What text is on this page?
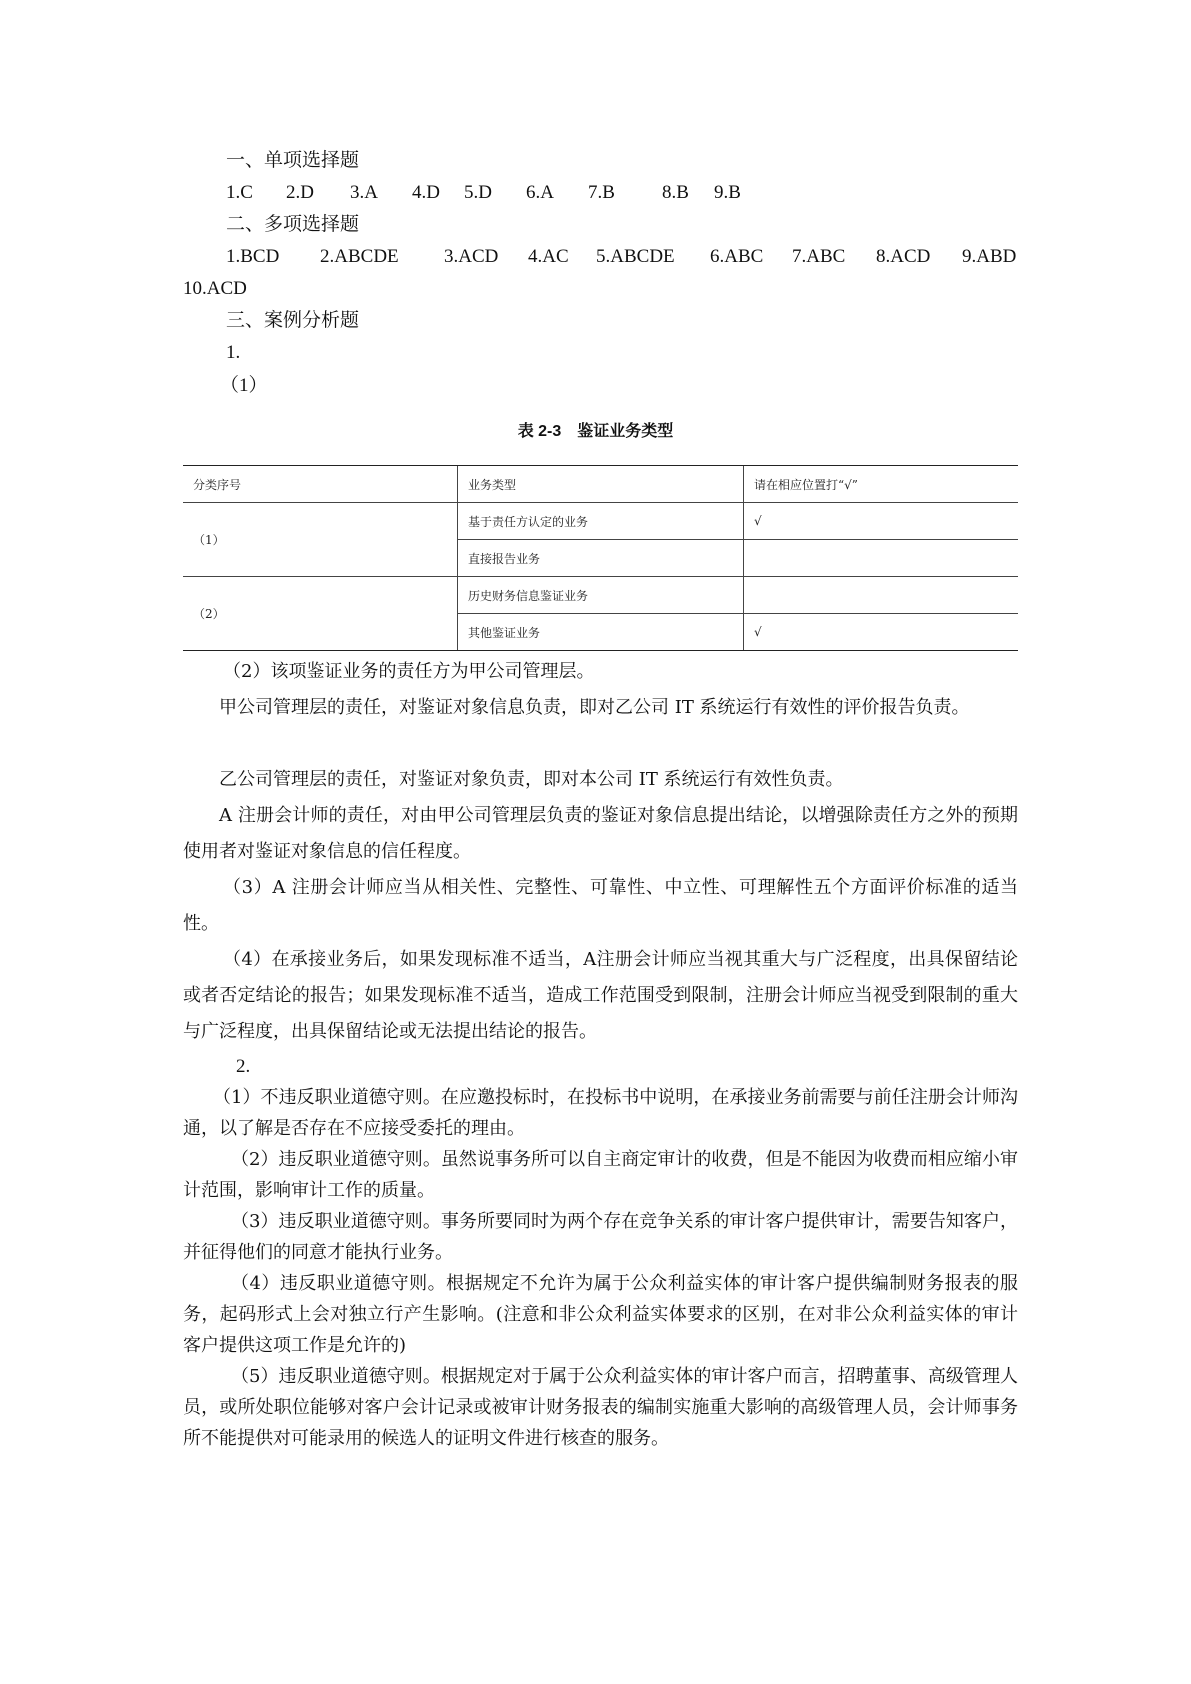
一、单项选择题
1.C 2.D 3.A 4.D 5.D 6.A 7.B 8.B 9.B
二、多项选择题
1.BCD 2.ABCDE 3.ACD 4.AC 5.ABCDE 6.ABC 7.ABC 8.ACD 9.ABD
10.ACD
三、案例分析题
1.
（1）
表 2-3　鉴证业务类型
分类序号	业务类型	请在相应位置打“√”
（1）	基于责任方认定的业务	√
	直接报告业务	
（2）	历史财务信息鉴证业务	
	其他鉴证业务	√
（2）该项鉴证业务的责任方为甲公司管理层。
甲公司管理层的责任，对鉴证对象信息负责，即对乙公司 IT 系统运行有效性的评价报告负责。
乙公司管理层的责任，对鉴证对象负责，即对本公司 IT 系统运行有效性负责。
A 注册会计师的责任，对由甲公司管理层负责的鉴证对象信息提出结论，以增强除责任方之外的预期使用者对鉴证对象信息的信任程度。
（3）A 注册会计师应当从相关性、完整性、可靠性、中立性、可理解性五个方面评价标准的适当性。
（4）在承接业务后，如果发现标准不适当，A注册会计师应当视其重大与广泛程度，出具保留结论或者否定结论的报告；如果发现标准不适当，造成工作范围受到限制，注册会计师应当视受到限制的重大与广泛程度，出具保留结论或无法提出结论的报告。
2.
（1）不违反职业道德守则。在应邀投标时，在投标书中说明，在承接业务前需要与前任注册会计师沟通，以了解是否存在不应接受委托的理由。
（2）违反职业道德守则。虽然说事务所可以自主商定审计的收费，但是不能因为收费而相应缩小审计范围，影响审计工作的质量。
（3）违反职业道德守则。事务所要同时为两个存在竞争关系的审计客户提供审计，需要告知客户，并征得他们的同意才能执行业务。
（4）违反职业道德守则。根据规定不允许为属于公众利益实体的审计客户提供编制财务报表的服务，起码形式上会对独立行产生影响。(注意和非公众利益实体要求的区别，在对非公众利益实体的审计客户提供这项工作是允许的)
（5）违反职业道德守则。根据规定对于属于公众利益实体的审计客户而言，招聘董事、高级管理人员，或所处职位能够对客户会计记录或被审计财务报表的编制实施重大影响的高级管理人员，会计师事务所不能提供对可能录用的候选人的证明文件进行核查的服务。
